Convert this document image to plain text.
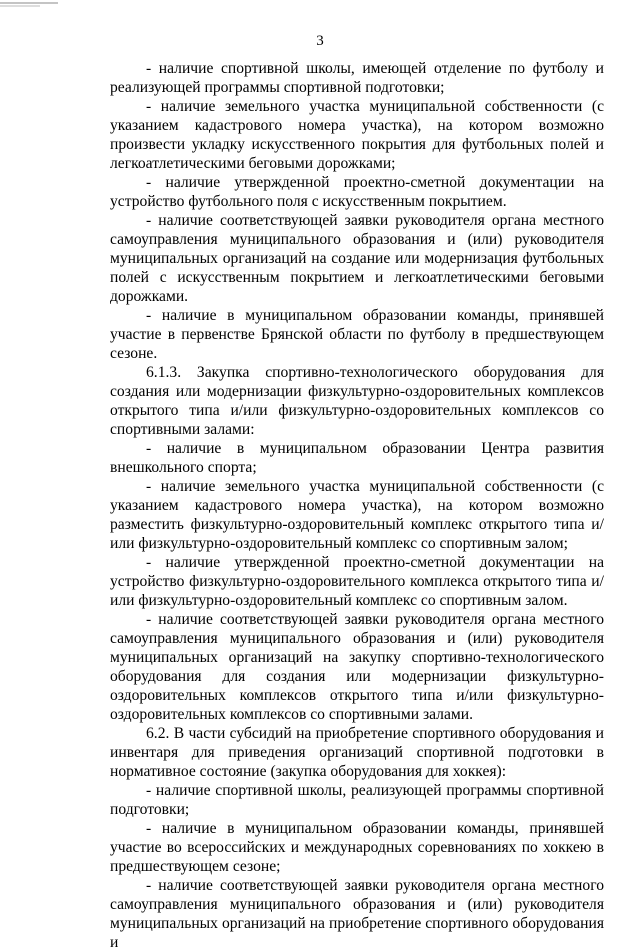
3

- наличие спортивной школы, имеющей отделение по футболу и реализующей программы спортивной подготовки;

- наличие земельного участка муниципальной собственности (с указанием кадастрового номера участка), на котором возможно произвести укладку искусственного покрытия для футбольных полей и легкоатлетическими беговыми дорожками;

- наличие утвержденной проектно-сметной документации на устройство футбольного поля с искусственным покрытием.

- наличие соответствующей заявки руководителя органа местного самоуправления муниципального образования и (или) руководителя муниципальных организаций на создание или модернизация футбольных полей с искусственным покрытием и легкоатлетическими беговыми дорожками.

- наличие в муниципальном образовании команды, принявшей участие в первенстве Брянской области по футболу в предшествующем сезоне.

6.1.3. Закупка спортивно-технологического оборудования для создания или модернизации физкультурно-оздоровительных комплексов открытого типа и/или физкультурно-оздоровительных комплексов со спортивными залами:

- наличие в муниципальном образовании Центра развития внешкольного спорта;

- наличие земельного участка муниципальной собственности (с указанием кадастрового номера участка), на котором возможно разместить физкультурно-оздоровительный комплекс открытого типа и/или физкультурно-оздоровительный комплекс со спортивным залом;

- наличие утвержденной проектно-сметной документации на устройство физкультурно-оздоровительного комплекса открытого типа и/или физкультурно-оздоровительный комплекс со спортивным залом.

- наличие соответствующей заявки руководителя органа местного самоуправления муниципального образования и (или) руководителя муниципальных организаций на закупку спортивно-технологического оборудования для создания или модернизации физкультурно-оздоровительных комплексов открытого типа и/или физкультурно-оздоровительных комплексов со спортивными залами.

6.2. В части субсидий на приобретение спортивного оборудования и инвентаря для приведения организаций спортивной подготовки в нормативное состояние (закупка оборудования для хоккея):

- наличие спортивной школы, реализующей программы спортивной подготовки;

- наличие в муниципальном образовании команды, принявшей участие во всероссийских и международных соревнованиях по хоккею в предшествующем сезоне;

- наличие соответствующей заявки руководителя органа местного самоуправления муниципального образования и (или) руководителя муниципальных организаций на приобретение спортивного оборудования и
